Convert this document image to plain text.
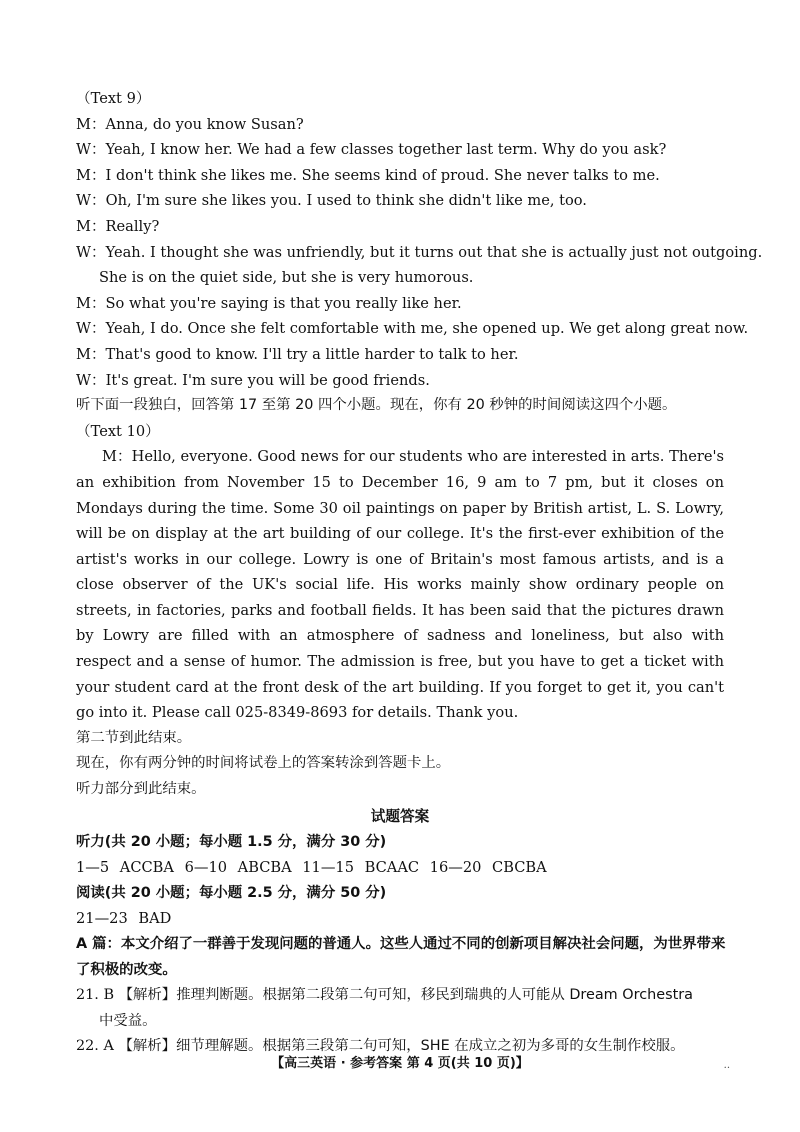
（Text 9）
M：Anna, do you know Susan?
W：Yeah, I know her. We had a few classes together last term. Why do you ask?
M：I don't think she likes me. She seems kind of proud. She never talks to me.
W：Oh, I'm sure she likes you. I used to think she didn't like me, too.
M：Really?
W：Yeah. I thought she was unfriendly, but it turns out that she is actually just not outgoing.
She is on the quiet side, but she is very humorous.
M：So what you're saying is that you really like her.
W：Yeah, I do. Once she felt comfortable with me, she opened up. We get along great now.
M：That's good to know. I'll try a little harder to talk to her.
W：It's great. I'm sure you will be good friends.
听下面一段独白，回答第 17 至第 20 四个小题。现在，你有 20 秒钟的时间阅读这四个小题。
（Text 10）

M：Hello, everyone. Good news for our students who are interested in arts. There's an exhibition from November 15 to December 16, 9 am to 7 pm, but it closes on Mondays during the time. Some 30 oil paintings on paper by British artist, L. S. Lowry, will be on display at the art building of our college. It's the first-ever exhibition of the artist's works in our college. Lowry is one of Britain's most famous artists, and is a close observer of the UK's social life. His works mainly show ordinary people on streets, in factories, parks and football fields. It has been said that the pictures drawn by Lowry are filled with an atmosphere of sadness and loneliness, but also with respect and a sense of humor. The admission is free, but you have to get a ticket with your student card at the front desk of the art building. If you forget to get it, you can't go into it. Please call 025-8349-8693 for details. Thank you.

第二节到此结束。
现在，你有两分钟的时间将试卷上的答案转涂到答题卡上。
听力部分到此结束。
试题答案
听力(共 20 小题；每小题 1.5 分，满分 30 分)
1—5 ACCBA 6—10 ABCBA 11—15 BCAAC 16—20 CBCBA
阅读(共 20 小题；每小题 2.5 分，满分 50 分)
21—23 BAD
A 篇：本文介绍了一群善于发现问题的普通人。这些人通过不同的创新项目解决社会问题，为世界带来了积极的改变。
21. B 【解析】推理判断题。根据第二段第二句可知，移民到瑞典的人可能从 Dream Orchestra
中受益。
22. A 【解析】细节理解题。根据第三段第二句可知，SHE 在成立之初为多哥的女生制作校服。
【高三英语 · 参考答案 第 4 页(共 10 页)】	..
